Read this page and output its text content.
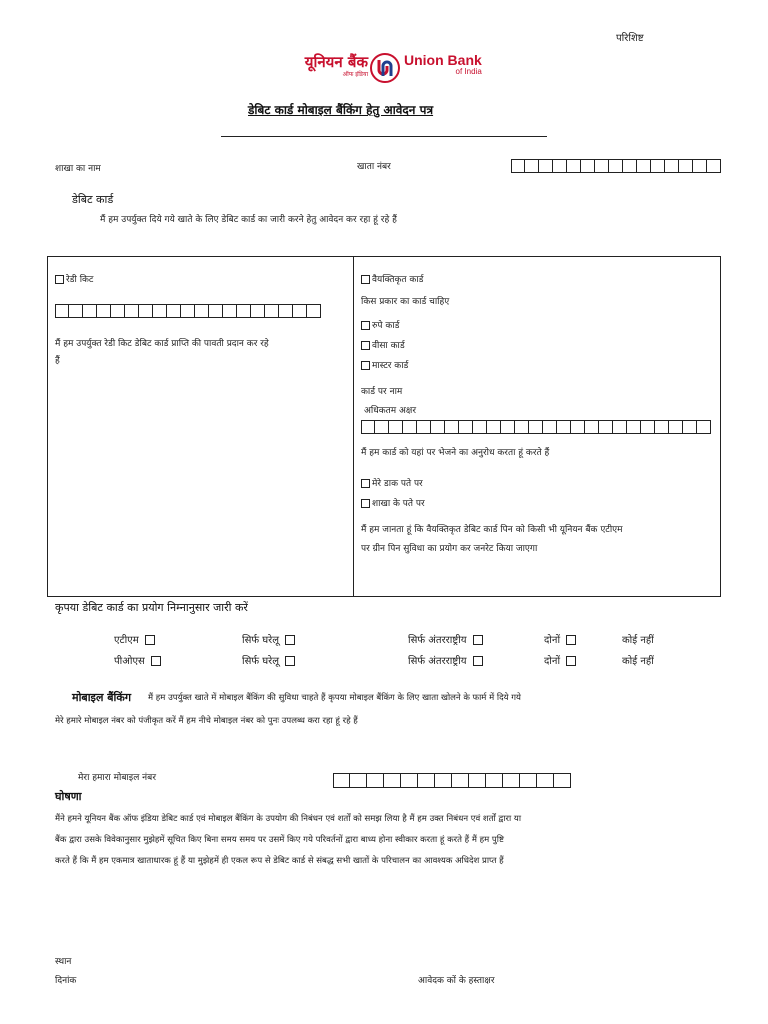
परिशिष्ट
यूनियन बैंक
ऑफ इंडिया
Union Bank
of India
डेबिट कार्ड मोबाइल बैंकिंग हेतु आवेदन पत्र
शाखा का नाम	खाता नंबर
डेबिट कार्ड
मैं हम उपर्युक्त दिये गये खाते के लिए डेबिट कार्ड का जारी करने हेतु आवेदन कर रहा हूं रहे हैं
रेडी किट
मैं हम उपर्युक्त रेडी किट डेबिट कार्ड प्राप्ति की पावती प्रदान कर रहे
हैं
वैयक्तिकृत कार्ड
किस प्रकार का कार्ड चाहिए
रुपे कार्ड
वीसा कार्ड
मास्टर कार्ड
कार्ड पर नाम
अधिकतम अक्षर
मैं हम कार्ड को यहां पर भेजने का अनुरोध करता हूं करते हैं
मेरे डाक पते पर
शाखा के पते पर
मैं हम जानता हूं कि वैयक्तिकृत डेबिट कार्ड पिन को किसी भी यूनियन बैंक एटीएम
पर ग्रीन पिन सुविधा का प्रयोग कर जनरेट किया जाएगा
कृपया डेबिट कार्ड का प्रयोग निम्नानुसार जारी करें
एटीएम	सिर्फ घरेलू	सिर्फ अंतरराष्ट्रीय	दोनों	कोई नहीं
पीओएस	सिर्फ घरेलू	सिर्फ अंतरराष्ट्रीय	दोनों	कोई नहीं
मोबाइल बैंकिंग मैं हम उपर्युक्त खाते में मोबाइल बैंकिंग की सुविधा चाहते हैं कृपया मोबाइल बैंकिंग के लिए खाता खोलने के फार्म में दिये गये
मेरे हमारे मोबाइल नंबर को पंजीकृत करें मैं हम नीचे मोबाइल नंबर को पुनः उपलब्ध करा रहा हूं रहे हैं
मेरा हमारा मोबाइल नंबर
घोषणा
मैंने हमने यूनियन बैंक ऑफ इंडिया डेबिट कार्ड एवं मोबाइल बैंकिंग के उपयोग की निबंधन एवं शर्तों को समझ लिया है मैं हम उक्त निबंधन एवं शर्तों द्वारा या
बैंक द्वारा उसके विवेकानुसार मुझेहमें सूचित किए बिना समय समय पर उसमें किए गये परिवर्तनों द्वारा बाध्य होना स्वीकार करता हूं करते हैं मैं हम पुष्टि
करते हैं कि मैं हम एकमात्र खाताधारक हूं हैं या मुझेहमें ही एकल रूप से डेबिट कार्ड से संबद्ध सभी खातों के परिचालन का आवश्यक अधिदेश प्राप्त हैं
स्थान
दिनांक	आवेदक कों के हस्ताक्षर
